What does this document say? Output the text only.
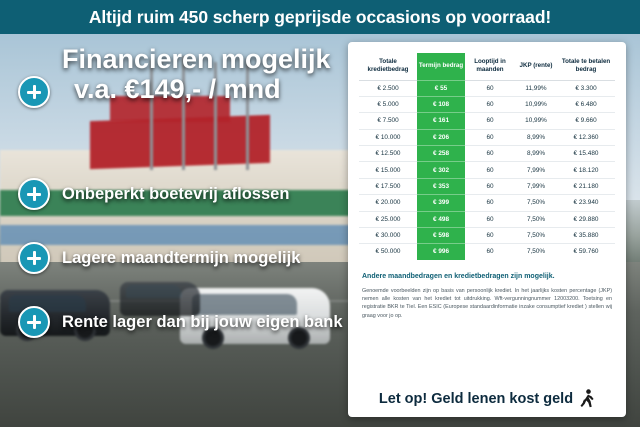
Altijd ruim 450 scherp geprijsde occasions op voorraad!
Financieren mogelijk
v.a. €149,- / mnd
Onbeperkt boetevrij aflossen
Lagere maandtermijn mogelijk
Rente lager dan bij jouw eigen bank
Totale kredietbedrag	Termijn bedrag	Looptijd in maanden	JKP (rente)	Totale te betalen bedrag
€ 2.500	€ 55	60	11,99%	€ 3.300
€ 5.000	€ 108	60	10,99%	€ 6.480
€ 7.500	€ 161	60	10,99%	€ 9.660
€ 10.000	€ 206	60	8,99%	€ 12.360
€ 12.500	€ 258	60	8,99%	€ 15.480
€ 15.000	€ 302	60	7,99%	€ 18.120
€ 17.500	€ 353	60	7,99%	€ 21.180
€ 20.000	€ 399	60	7,50%	€ 23.940
€ 25.000	€ 498	60	7,50%	€ 29.880
€ 30.000	€ 598	60	7,50%	€ 35.880
€ 50.000	€ 996	60	7,50%	€ 59.760
Andere maandbedragen en kredietbedragen zijn mogelijk.
Genoemde voorbeelden zijn op basis van persoonlijk krediet. In het jaarlijks kosten percentage (JKP) nemen alle kosten van het krediet tot uitdrukking. Wft-vergunningnummer 12003200. Toetsing en registratie BKR te Tiel. Een ESIC (Europese standaardinformatie inzake consumptief krediet ) stellen wij graag voor jo op.
Let op! Geld lenen kost geld
